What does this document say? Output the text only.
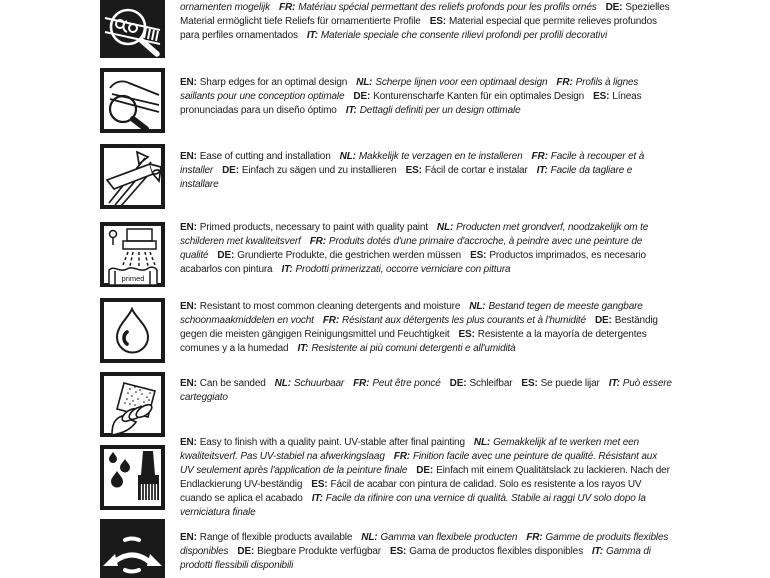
ornamenten mogelijk FR: Matériau spécial permettant des reliefs profonds pour les profils ornés DE: Spezielles Material ermöglicht tiefe Reliefs für ornamentierte Profile ES: Material especial que permite relieves profundos para perfiles ornamentados IT: Materiale speciale che consente rilievi profondi per profili decorativi
EN: Sharp edges for an optimal design NL: Scherpe lijnen voor een optimaal design FR: Profils à lignes saillants pour une conception optimale DE: Konturenscharfe Kanten für ein optimales Design ES: Líneas pronunciadas para un diseño óptimo IT: Dettagli definiti per un design ottimale
EN: Ease of cutting and installation NL: Makkelijk te verzagen en te installeren FR: Facile à recouper et à installer DE: Einfach zu sägen und zu installieren ES: Fácil de cortar e instalar IT: Facile da tagliare e installare
primed
EN: Primed products, necessary to paint with quality paint NL: Producten met grondverf, noodzakelijk om te schilderen met kwaliteitsverf FR: Produits dotés d'une primaire d'accroche, à peindre avec une peinture de qualité DE: Grundierte Produkte, die gestrichen werden müssen ES: Productos imprimados, es necesario acabarlos con pintura IT: Prodotti primerizzati, occorre verniciare con pittura
EN: Resistant to most common cleaning detergents and moisture NL: Bestand tegen de meeste gangbare schoonmaakmiddelen en vocht FR: Résistant aux détergents les plus courants et à l'humidité DE: Beständig gegen die meisten gängigen Reinigungsmittel und Feuchtigkeit ES: Resistente a la mayoría de detergentes comunes y a la humedad IT: Resistente ai più comuni detergenti e all'umidità
EN: Can be sanded NL: Schuurbaar FR: Peut être poncé DE: Schleifbar ES: Se puede lijar IT: Può essere carteggiato
EN: Easy to finish with a quality paint. UV-stable after final painting NL: Gemakkelijk af te werken met een kwaliteitsverf. Pas UV-stabiel na afwerkingslaag FR: Finition facile avec une peinture de qualité. Résistant aux UV seulement après l'application de la peinture finale DE: Einfach mit einem Qualitätslack zu lackieren. Nach der Endlackierung UV-beständig ES: Fácil de acabar con pintura de calidad. Solo es resistente a los rayos UV cuando se aplica el acabado IT: Facile da rifinire con una vernice di qualità. Stabile ai raggi UV solo dopo la verniciatura finale
EN: Range of flexible products available NL: Gamma van flexibele producten FR: Gamme de produits flexibles disponibles DE: Biegbare Produkte verfügbar ES: Gama de productos flexibles disponibles IT: Gamma di prodotti flessibili disponibili
